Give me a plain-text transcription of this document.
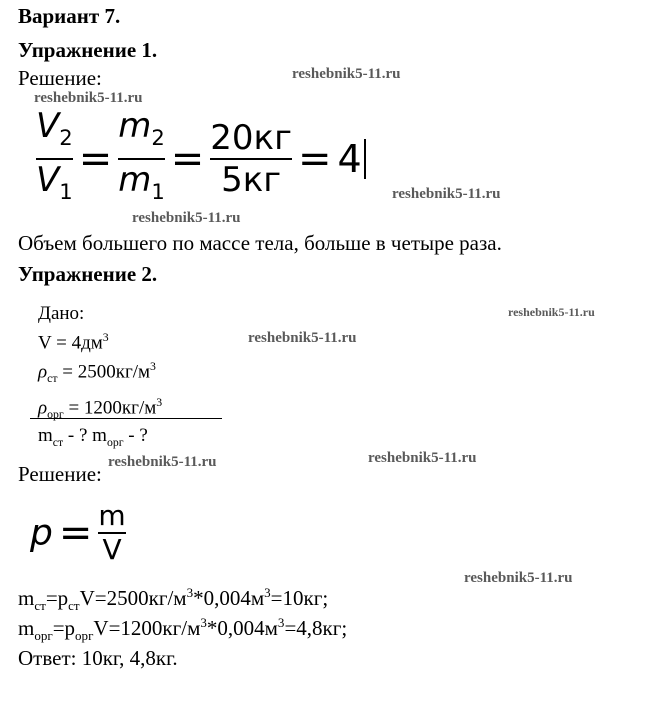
Вариант 7.
Упражнение 1.
Решение:
$\frac{V_2}{V_1} = \frac{m_2}{m_1} = \frac{20кг}{5кг} = 4$
Объем большего по массе тела, больше в четыре раза.
Упражнение 2.
Дано:
$V = 4дм^3$
$\rho_{ст} = 2500кг/м^3$
$\rho_{орг} = 1200кг/м^3$
$m_{ст}$ - ? $m_{орг}$ - ?
Решение:
$p = \frac{m}{V}$
$m_{ст}=p_{ст}V=2500кг/м^3*0,004м^3=10кг$;
$m_{орг}=p_{орг}V=1200кг/м^3*0,004м^3=4,8кг$;
Ответ: 10кг, 4,8кг.
reshebnik5-11.ru
reshebnik5-11.ru
reshebnik5-11.ru
reshebnik5-11.ru
reshebnik5-11.ru
reshebnik5-11.ru
reshebnik5-11.ru	reshebnik5-11.ru
reshebnik5-11.ru
